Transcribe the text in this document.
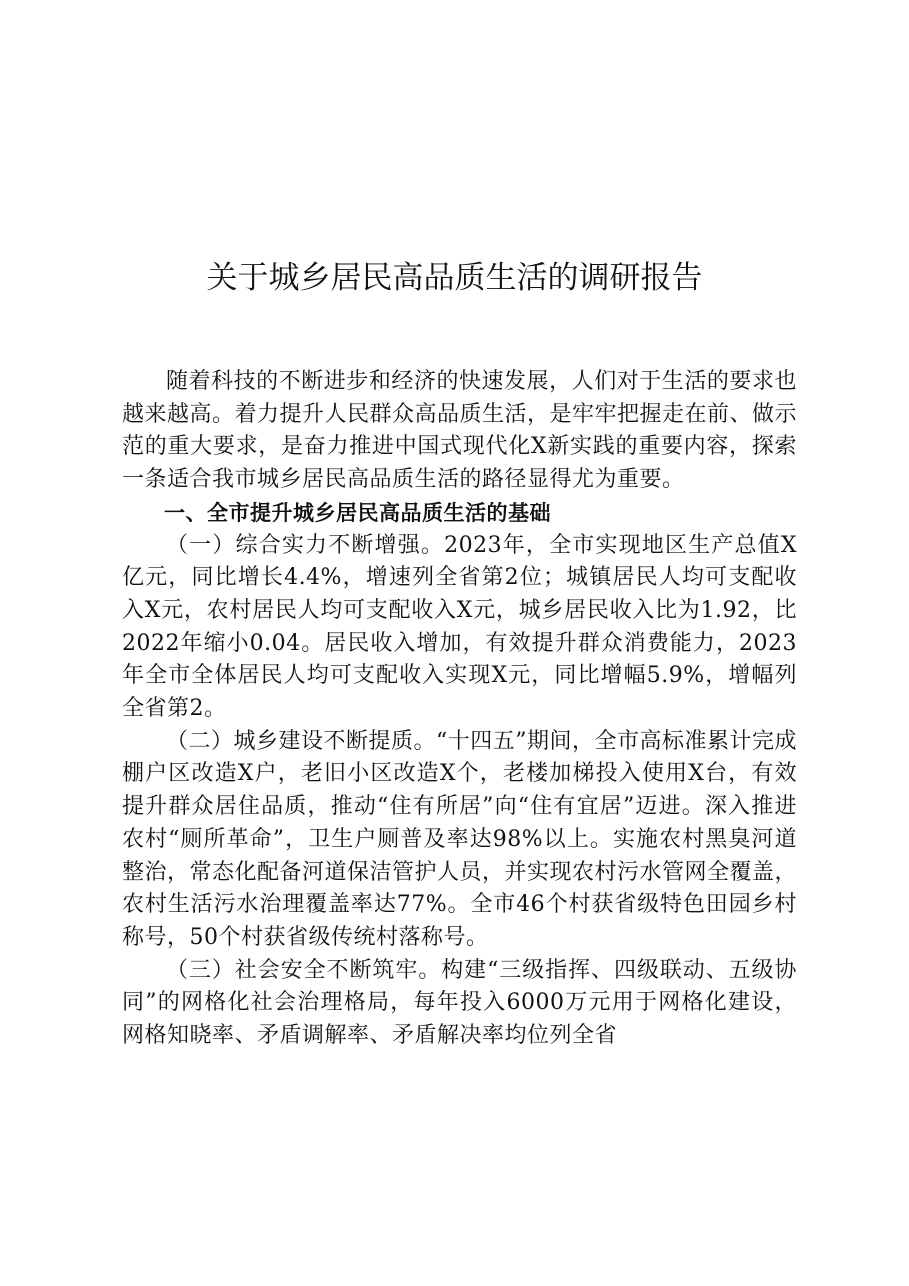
关于城乡居民高品质生活的调研报告

随着科技的不断进步和经济的快速发展，人们对于生活的要求也越来越高。着力提升人民群众高品质生活，是牢牢把握走在前、做示范的重大要求，是奋力推进中国式现代化X新实践的重要内容，探索一条适合我市城乡居民高品质生活的路径显得尤为重要。

一、全市提升城乡居民高品质生活的基础

（一）综合实力不断增强。2023年，全市实现地区生产总值X亿元，同比增长4.4%，增速列全省第2位；城镇居民人均可支配收入X元，农村居民人均可支配收入X元，城乡居民收入比为1.92，比2022年缩小0.04。居民收入增加，有效提升群众消费能力，2023年全市全体居民人均可支配收入实现X元，同比增幅5.9%，增幅列全省第2。

（二）城乡建设不断提质。“十四五”期间，全市高标准累计完成棚户区改造X户，老旧小区改造X个，老楼加梯投入使用X台，有效提升群众居住品质，推动“住有所居”向“住有宜居”迈进。深入推进农村“厕所革命”，卫生户厕普及率达98%以上。实施农村黑臭河道整治，常态化配备河道保洁管护人员，并实现农村污水管网全覆盖，农村生活污水治理覆盖率达77%。全市46个村获省级特色田园乡村称号，50个村获省级传统村落称号。

（三）社会安全不断筑牢。构建“三级指挥、四级联动、五级协同”的网格化社会治理格局，每年投入6000万元用于网格化建设，网格知晓率、矛盾调解率、矛盾解决率均位列全省
